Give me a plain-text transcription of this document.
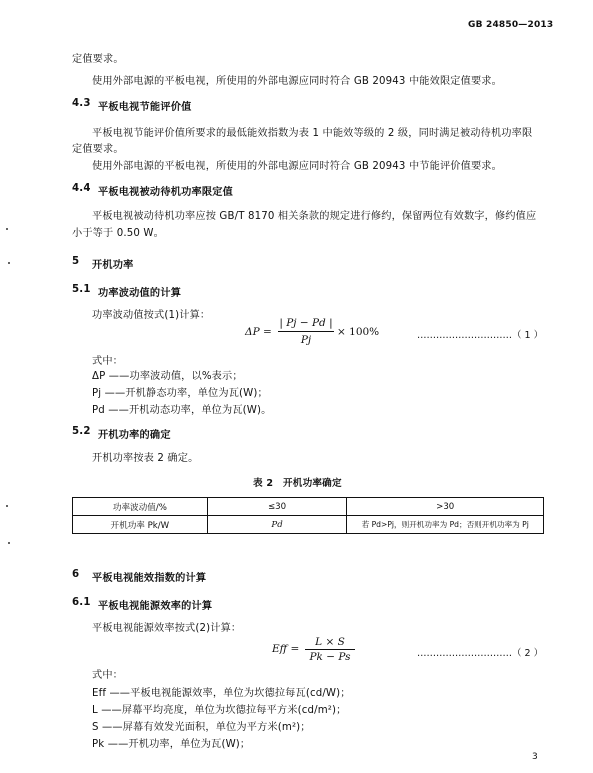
GB 24850—2013
定值要求。
使用外部电源的平板电视，所使用的外部电源应同时符合 GB 20943 中能效限定值要求。
4.3 平板电视节能评价值
平板电视节能评价值所要求的最低能效指数为表 1 中能效等级的 2 级，同时满足被动待机功率限
定值要求。
使用外部电源的平板电视，所使用的外部电源应同时符合 GB 20943 中节能评价值要求。
4.4 平板电视被动待机功率限定值
平板电视被动待机功率应按 GB/T 8170 相关条款的规定进行修约，保留两位有效数字，修约值应
小于等于 0.50 W。
5 开机功率
5.1 功率波动值的计算
功率波动值按式(1)计算：
ΔP =
| Pj − Pd |
Pj
× 100%	…………………………（ 1 ）
式中：
ΔP ——功率波动值，以%表示；
Pj ——开机静态功率，单位为瓦(W)；
Pd ——开机动态功率，单位为瓦(W)。
5.2 开机功率的确定
开机功率按表 2 确定。
表 2　开机功率确定
功率波动值/%	≤30	>30
开机功率 Pk/W	Pd	若 Pd>Pj，则开机功率为 Pd；否则开机功率为 Pj
6 平板电视能效指数的计算
6.1 平板电视能源效率的计算
平板电视能源效率按式(2)计算：
Eff =
L × S
Pk − Ps	…………………………（ 2 ）
式中：
Eff ——平板电视能源效率，单位为坎德拉每瓦(cd/W)；
L ——屏幕平均亮度，单位为坎德拉每平方米(cd/m²)；
S ——屏幕有效发光面积，单位为平方米(m²)；
Pk ——开机功率，单位为瓦(W)；
3
